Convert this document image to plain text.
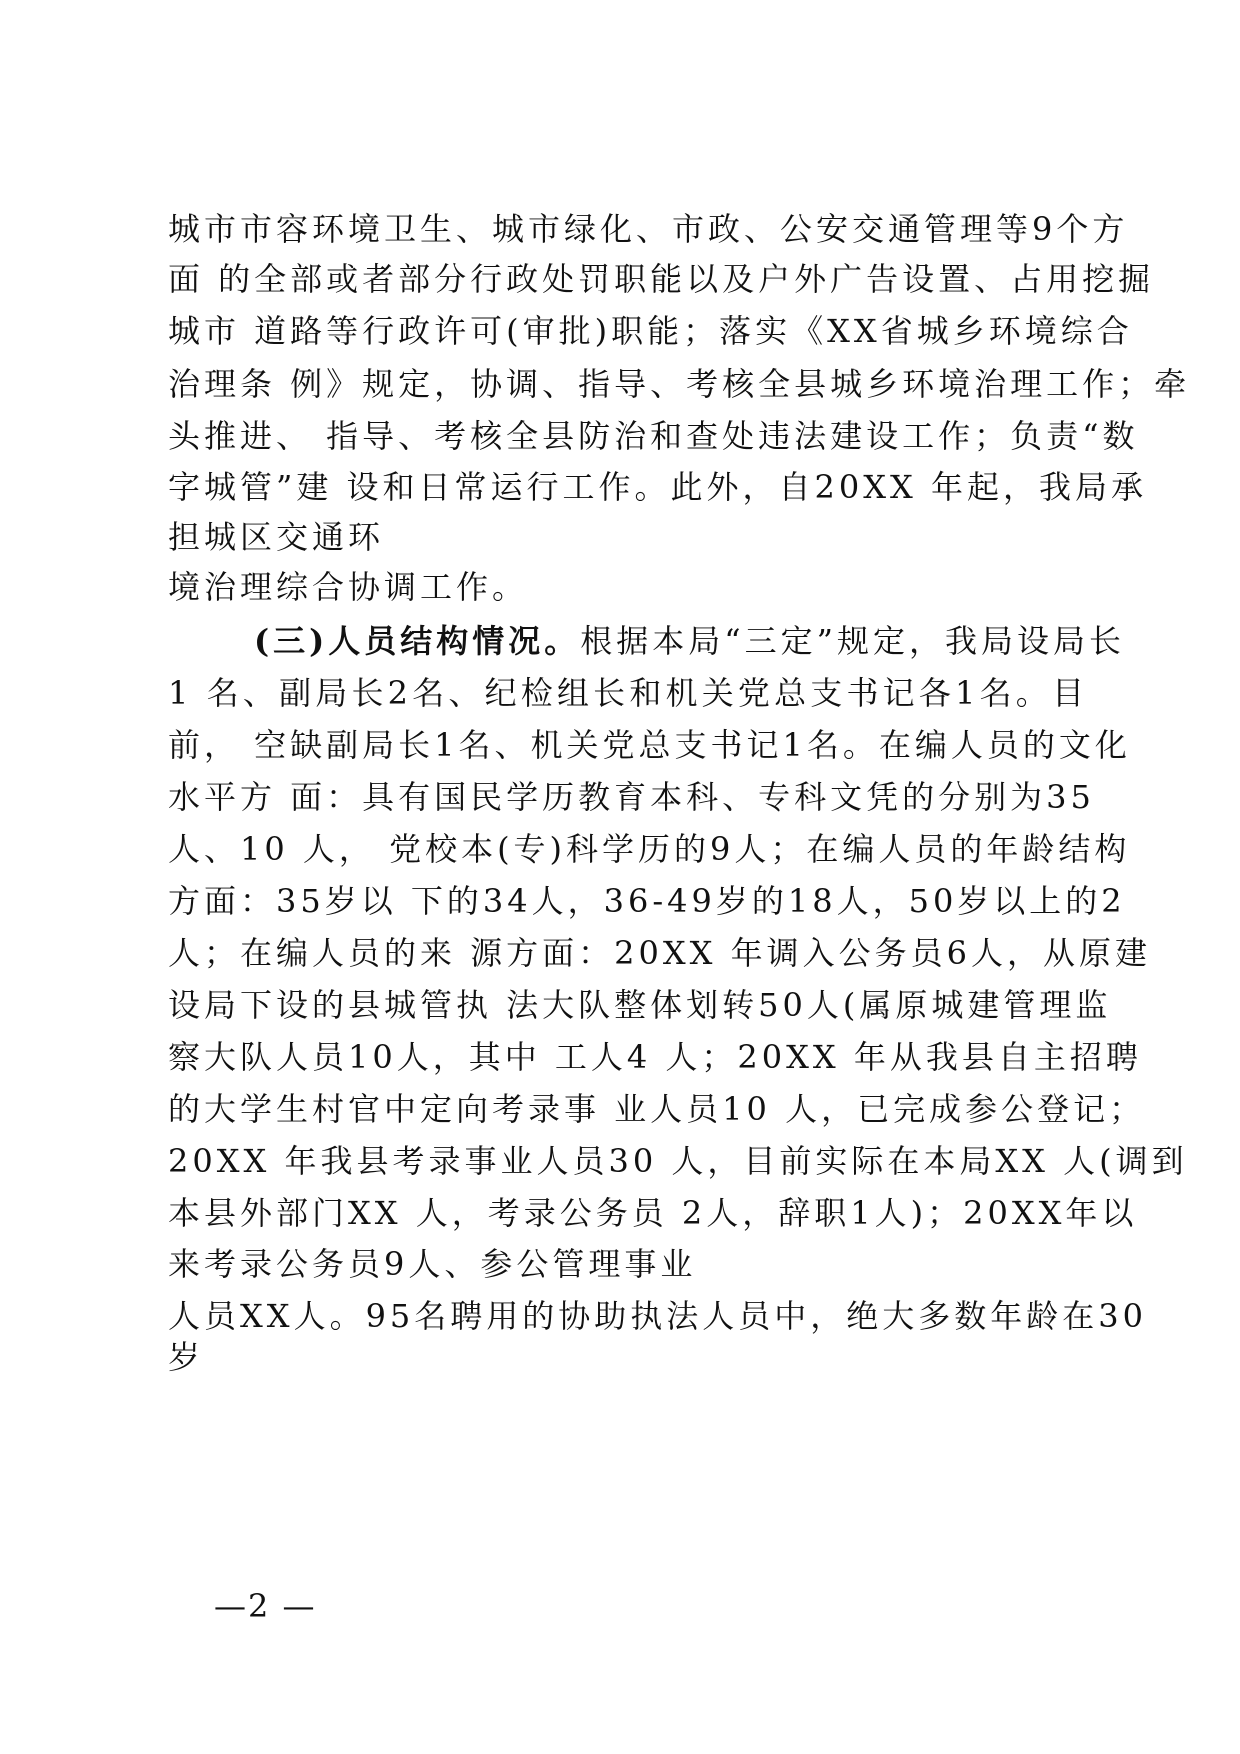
城市市容环境卫生、城市绿化、市政、公安交通管理等9个方
面 的全部或者部分行政处罚职能以及户外广告设置、占用挖掘
城市 道路等行政许可(审批)职能；落实《XX省城乡环境综合
治理条 例》规定，协调、指导、考核全县城乡环境治理工作；牵
头推进、 指导、考核全县防治和查处违法建设工作；负责“数
字城管”建 设和日常运行工作。此外，自20XX 年起，我局承
担城区交通环
境治理综合协调工作。
(三)人员结构情况。根据本局“三定”规定，我局设局长
1 名、副局长2名、纪检组长和机关党总支书记各1名。目
前， 空缺副局长1名、机关党总支书记1名。在编人员的文化
水平方 面：具有国民学历教育本科、专科文凭的分别为35
人、10 人， 党校本(专)科学历的9人；在编人员的年龄结构
方面：35岁以 下的34人，36-49岁的18人，50岁以上的2
人；在编人员的来 源方面：20XX 年调入公务员6人，从原建
设局下设的县城管执 法大队整体划转50人(属原城建管理监
察大队人员10人，其中 工人4 人；20XX 年从我县自主招聘
的大学生村官中定向考录事 业人员10 人，已完成参公登记；
20XX 年我县考录事业人员30 人，目前实际在本局XX 人(调到
本县外部门XX 人，考录公务员 2人，辞职1人)；20XX年以
来考录公务员9人、参公管理事业
人员XX人。95名聘用的协助执法人员中，绝大多数年龄在30
岁
—2 —
